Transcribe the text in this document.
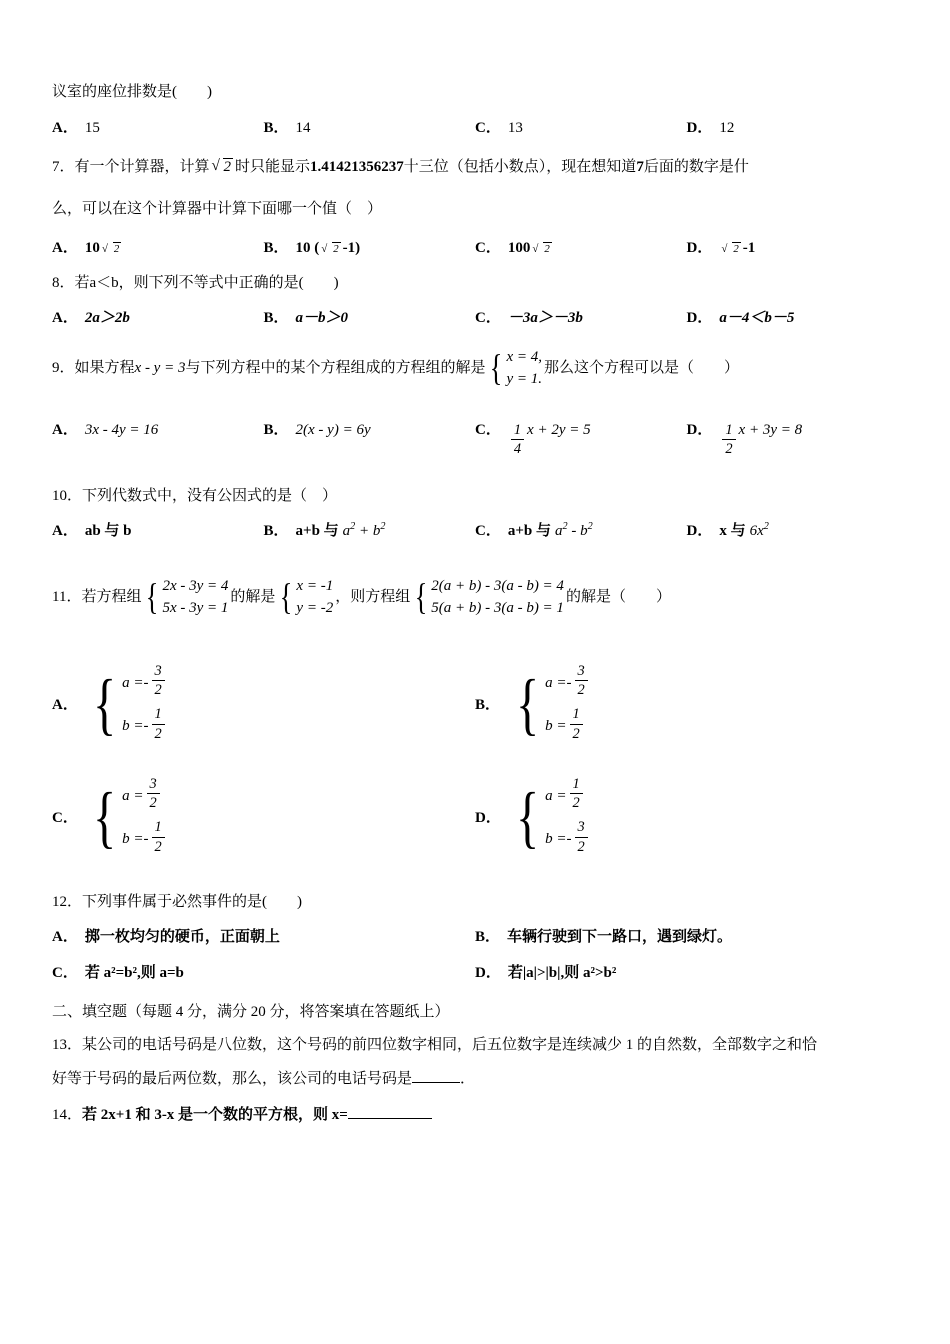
议室的座位排数是(　　)
A． 15	B． 14	C． 13	D． 12
7．有一个计算器，计算 √ 2 时只能显示1.41421356237十三位（包括小数点），现在想知道7后面的数字是什
么，可以在这个计算器中计算下面哪一个值（　）
A． 10	√ 2	B． 10 (	√ 2 -1)	C． 100	√ 2	D．	√ 2 -1
8．若a＜b，则下列不等式中正确的是(　　)
A． 2a＞2b	B． a－b＞0	C． －3a＞－3b	D． a－4＜b－5
9．如果方程x - y = 3与下列方程中的某个方程组成的方程组的解是 { x = 4,
y = 1.
那么这个方程可以是（　　）
A． 3x - 4y = 16	B． 2(x - y) = 6y	C． $\frac{1}{4}$ x + 2y = 5	D． $\frac{1}{2}$ x + 3y = 8
10．下列代数式中，没有公因式的是（　）
A． ab 与 b	B． a+b 与 $a^2 + b^2$	C． a+b 与 $a^2 - b^2$	D． x 与 $6x^2$
11．若方程组 { 2x - 3y = 4
5x - 3y = 1
的解是 { x = -1
y = -2
，则方程组 { 2(a + b) - 3(a - b) = 4
5(a + b) - 3(a - b) = 1
的解是（　　）
A． { $a =- \frac{3}{2}$
$b =- \frac{1}{2}$
B． { $a =- \frac{3}{2}$
$b = \frac{1}{2}$
C． { $a = \frac{3}{2}$
$b =- \frac{1}{2}$
D． { $a = \frac{1}{2}$
$b =- \frac{3}{2}$
12．下列事件属于必然事件的是(　　)
A． 掷一枚均匀的硬币，正面朝上	B． 车辆行驶到下一路口，遇到绿灯。
C． 若 a²=b²,则 a=b	D． 若|a|>|b|,则 a²>b²
二、填空题（每题 4 分，满分 20 分，将答案填在答题纸上）
13．某公司的电话号码是八位数，这个号码的前四位数字相同，后五位数字是连续减少 1 的自然数，全部数字之和恰
好等于号码的最后两位数，那么，该公司的电话号码是	．
14．若 2x+1 和 3-x 是一个数的平方根，则 x=
